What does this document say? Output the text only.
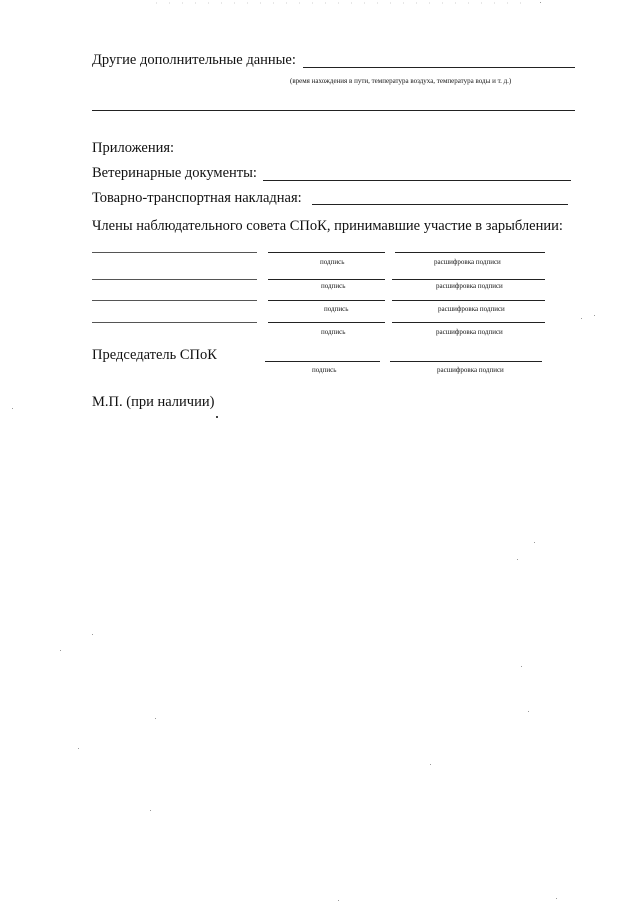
Другие дополнительные данные:
(время нахождения в пути, температура воздуха, температура воды и т. д.)
Приложения:
Ветеринарные документы:
Товарно-транспортная накладная:
Члены наблюдательного совета СПоК, принимавшие участие в зарыблении:
подпись	расшифровка подписи
подпись	расшифровка подписи
подпись	расшифровка подписи
подпись	расшифровка подписи
Председатель СПоК
подпись	расшифровка подписи
М.П. (при наличии)
